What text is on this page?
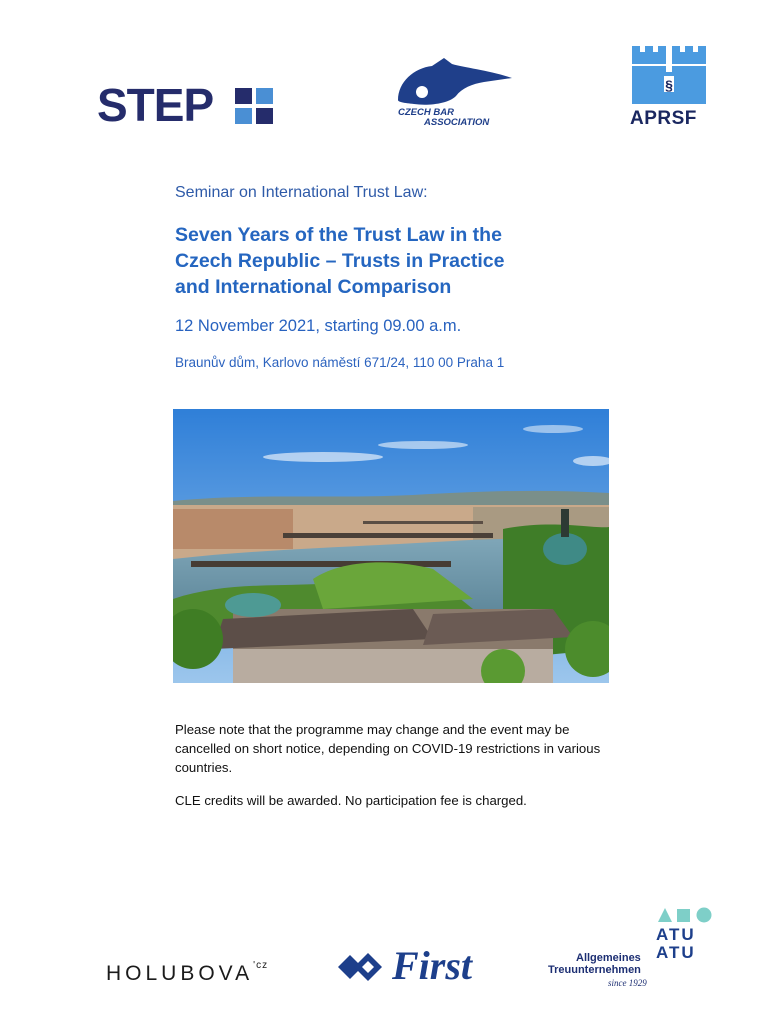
STEP	CZECH BAR
ASSOCIATION
§
APRSF
Seminar on International Trust Law:
Seven Years of the Trust Law in the
Czech Republic – Trusts in Practice
and International Comparison
12 November 2021, starting 09.00 a.m.
Braunův dům, Karlovo náměstí 671/24, 110 00 Praha 1
Please note that the programme may change and the event may be cancelled on short notice, depending on COVID-19 restrictions in various countries.
CLE credits will be awarded. No participation fee is charged.
$HOLUBOVA^{'cz}$	First
ATU
ATU
Allgemeines
Treuunternehmen
since 1929
